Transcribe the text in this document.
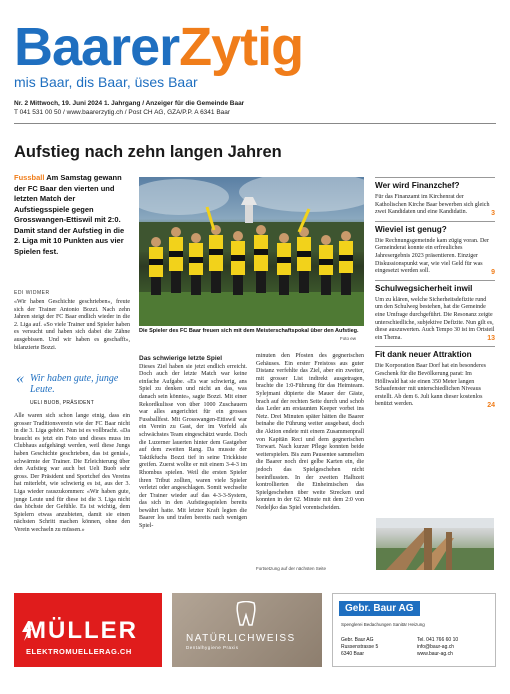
BaarerZytig
mis Baar, dis Baar, üses Baar
Nr. 2 Mittwoch, 19. Juni 2024 1. Jahrgang / Anzeiger für die Gemeinde Baar
T 041 531 00 50 / www.baarerzytig.ch / Post CH AG, GZA/P.P. A 6341 Baar
Aufstieg nach zehn langen Jahren
Fussball Am Samstag gewann der FC Baar den vierten und letzten Match der Aufstiegsspiele gegen Grosswangen-Ettiswil mit 2:0. Damit stand der Aufstieg in die 2. Liga mit 10 Punkten aus vier Spielen fest.
EDI WIDMER

«Wir haben Geschichte geschrieben», freute sich der Trainer Antonio Bozzi. Nach zehn Jahren steigt der FC Baar endlich wieder in die 2. Liga auf. «So viele Trainer und Spieler haben es versucht und haben sich dabei die Zähne ausgebissen. Und wir haben es geschafft», bilanzierte Bozzi.

« Wir haben gute, junge Leute.
UELI BUOB, PRÄSIDENT

Alle waren sich schon lange einig, dass ein grosser Traditionsverein wie der FC Baar nicht in die 3. Liga gehört. Nun ist es vollbracht. «Da braucht es jetzt ein Foto und dieses muss im Clubhaus aufgehängt werden, weil diese Jungs haben Geschichte geschrieben, das ist genial», schwärmte der Trainer. Die Erleichterung über den Aufstieg war auch bei Ueli Buob sehr gross. Der Präsident und Sportchef des Vereins hat miterlebt, wie schwierig es ist, aus der 3. Liga wieder rauszukommen: «Wir haben gute, junge Leute und für diese ist die 3. Liga nicht das höchste der Gefühle. Es ist wichtig, dem Spielern etwas anzubieten, damit sie einen nächsten Schritt machen können, ohne den Verein wechseln zu müssen.»

Die Spieler des FC Baar freuen sich mit dem Meisterschaftspokal über den Aufstieg.
Foto ew
Das schwierige letzte Spiel

Dieses Ziel haben sie jetzt endlich erreicht. Doch auch der letzte Match war keine einfache Aufgabe. «Es war schwierig, ans Spiel zu denken und nicht an das, was danach sein könnte», sagte Bozzi. Mit einer Rekordkulisse von über 1000 Zuschauern war alles angerichtet für ein grosses Fussballfest. Mit Grosswangen-Ettiswil war ein Verein zu Gast, der im Vorfeld als schwächstes Team eingeschätzt wurde. Doch die Luzerner lauerten hinter dem Gastgeber auf dem zweiten Rang. Da musste der Taktikfuchs Bozzi tief in seine Trickkiste greifen. Zuerst wollte er mit einem 3-4-3 im Rhombus spielen. Weil die ersten Spieler ihren Tribut zollten, waren viele Spieler verletzt oder angeschlagen. Somit wechselte der Trainer wieder auf das 4-3-3-System, das sich in den Aufstiegsspielen bereits bewährt hatte. Mit letzter Kraft legten die Baarer los und trafen bereits nach wenigen Spiel-

minuten den Pfosten des gegnerischen Gehäuses. Ein erster Freistoss aus guter Distanz verfehlte das Ziel, aber ein zweiter, mit grosser List indirekt ausgetragen, brachte die 1:0-Führung für das Heimteam. Sylejmani düpierte die Mauer der Gäste, brach auf der rechten Seite durch und schob das Leder am erstaunten Keeper vorbei ins Netz. Drei Minuten später hätten die Baarer beinahe die Führung weiter ausgebaut, doch die Aktion endete mit einem Zusammenprall von Kapitän Reci und dem gegnerischen Torwart. Nach kurzer Pflege konnten beide weiterspielen. Bis zum Pausentee sammelten die Baarer noch drei gelbe Karten ein, die jedoch das Spielgeschehen nicht beeinflussten. In der zweiten Halbzeit kontrollierten die Einheimischen das Spielgeschehen über weite Strecken und konnten in der 62. Minute mit dem 2:0 von Nedeljko das Spiel vorentscheiden.

Fortsetzung auf der nächsten Seite
Wer wird Finanzchef?
Für das Finanzamt im Kirchenrat der Katholischen Kirche Baar bewerben sich gleich zwei Kandidaten und eine Kandidatin.	3
Wieviel ist genug?
Die Rechnungsgemeinde kam zügig voran. Der Gemeinderat konnte ein erfreuliches Jahresergebnis 2023 präsentieren. Einziger Diskussionspunkt war, wie viel Geld für was eingesetzt werden soll.	9
Schulwegsicherheit inwil
Um zu klären, welche Sicherheitsdefizite rund um den Schulweg bestehen, hat die Gemeinde eine Umfrage durchgeführt. Die Resonanz zeigte unterschiedliche, subjektive Defizite. Nun gilt es, diese auszuwerten. Auch Tempo 30 ist im Ortsteil ein Thema.	13
Fit dank neuer Attraktion
Die Korporation Baar Dorf hat ein besonderes Geschenk für die Bevölkerung parat: Im Hölliwald hat sie einen 350 Meter langen Schaufenstег mit unterschiedlichen Niveaus erstellt. Ab dem 6. Juli kann dieser kostenlos benützt werden.	24
MÜLLER
ELEKTROMUELLERAG.CH
NATÜRLICHWEISS
Dentalhygiene Praxis
Gebr. Baur AG
Spenglerei Bedachungen Sanitär Heizung
Gebr. Baur AG
Russenstrasse 5
6340 Baar
Tel. 041 766 60 10
info@baur-ag.ch
www.baur-ag.ch
